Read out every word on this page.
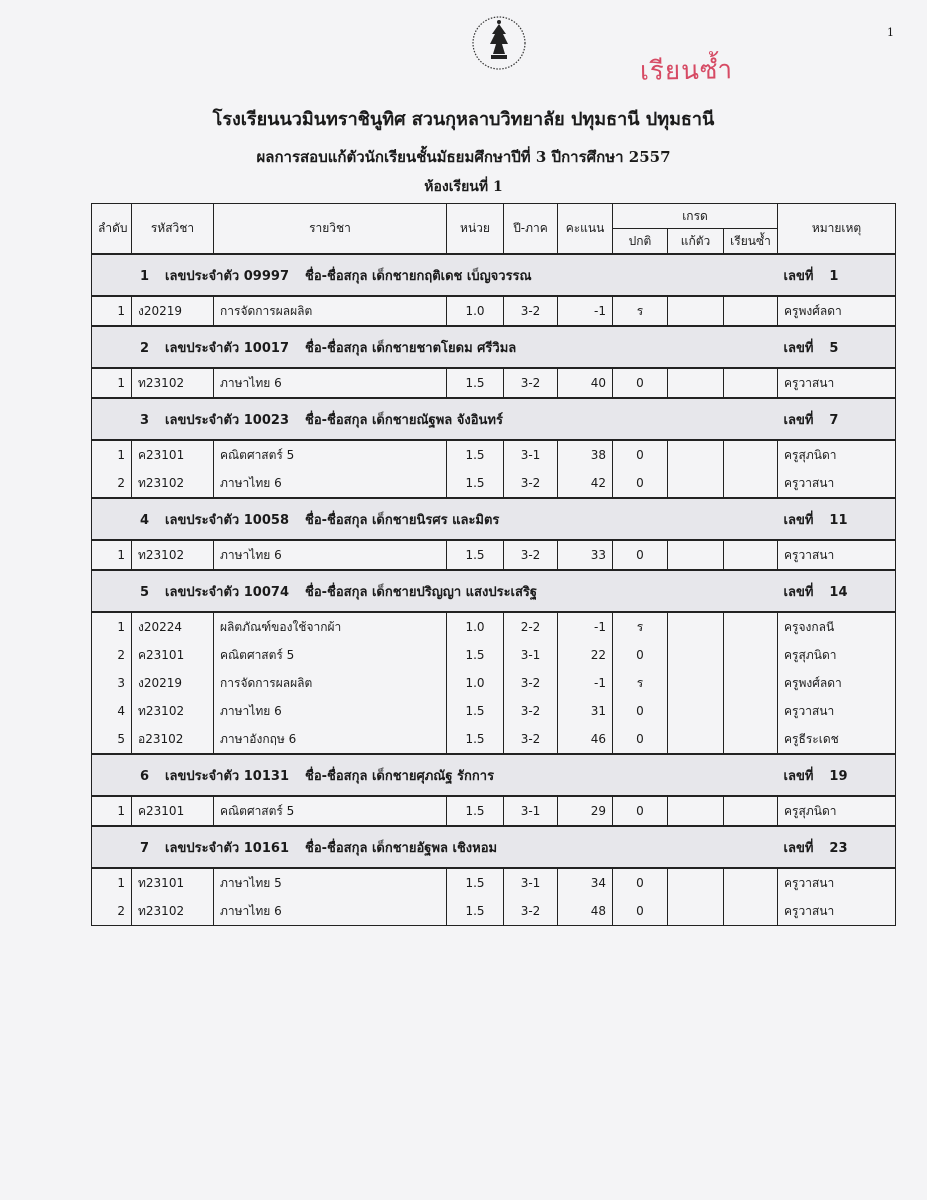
1
เรียนซ้ำ
โรงเรียนนวมินทราชินูทิศ สวนกุหลาบวิทยาลัย ปทุมธานี ปทุมธานี
ผลการสอบแก้ตัวนักเรียนชั้นมัธยมศึกษาปีที่ 3 ปีการศึกษา 2557
ห้องเรียนที่ 1
ลำดับ	รหัสวิชา	รายวิชา	หน่วย	ปี-ภาค	คะแนน	เกรด			หมายเหตุ
						ปกติ	แก้ตัว	เรียนซ้ำ	
1 เลขประจำตัว 09997 ชื่อ-ชื่อสกุล เด็กชายกฤติเดช เบ็ญจวรรณ									เลขที่ 1
1	ง20219	การจัดการผลผลิต	1.0	3-2	-1	ร			ครูพงศ์ลดา
2 เลขประจำตัว 10017 ชื่อ-ชื่อสกุล เด็กชายชาตโยดม ศรีวิมล									เลขที่ 5
1	ท23102	ภาษาไทย 6	1.5	3-2	40	0			ครูวาสนา
3 เลขประจำตัว 10023 ชื่อ-ชื่อสกุล เด็กชายณัฐพล จังอินทร์									เลขที่ 7
1	ค23101	คณิตศาสตร์ 5	1.5	3-1	38	0			ครูสุภนิดา
2	ท23102	ภาษาไทย 6	1.5	3-2	42	0			ครูวาสนา
4 เลขประจำตัว 10058 ชื่อ-ชื่อสกุล เด็กชายนิรศร และมิตร									เลขที่ 11
1	ท23102	ภาษาไทย 6	1.5	3-2	33	0			ครูวาสนา
5 เลขประจำตัว 10074 ชื่อ-ชื่อสกุล เด็กชายปริญญา แสงประเสริฐ									เลขที่ 14
1	ง20224	ผลิตภัณฑ์ของใช้จากผ้า	1.0	2-2	-1	ร			ครูจงกลนี
2	ค23101	คณิตศาสตร์ 5	1.5	3-1	22	0			ครูสุภนิดา
3	ง20219	การจัดการผลผลิต	1.0	3-2	-1	ร			ครูพงศ์ลดา
4	ท23102	ภาษาไทย 6	1.5	3-2	31	0			ครูวาสนา
5	อ23102	ภาษาอังกฤษ 6	1.5	3-2	46	0			ครูธีระเดช
6 เลขประจำตัว 10131 ชื่อ-ชื่อสกุล เด็กชายศุภณัฐ รักการ									เลขที่ 19
1	ค23101	คณิตศาสตร์ 5	1.5	3-1	29	0			ครูสุภนิดา
7 เลขประจำตัว 10161 ชื่อ-ชื่อสกุล เด็กชายอัฐพล เชิงหอม									เลขที่ 23
1	ท23101	ภาษาไทย 5	1.5	3-1	34	0			ครูวาสนา
2	ท23102	ภาษาไทย 6	1.5	3-2	48	0			ครูวาสนา
